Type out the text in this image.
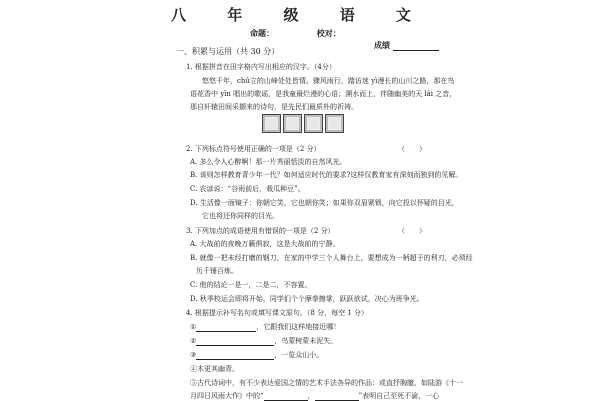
八 年 级 语 文
命题：	校对：
成绩
一、积累与运用（共 30 分）
1. 根据拼音在田字格内写出相应的汉字。（4分）
悠悠千年，chǔ立的山峰处处皆情。骤风雨行，踏访迷 yì漫长的山川之路，那在鸟
语花香中 yīn 唱出的歌谣，是我童最烂漫的心语；溯水而上，伴随幽美的天 lài 之音，
那自轩辕田间采撷来的诗句，是先民们最质朴的祈祷。
2. 下列标点符号使用正确的一项是（2 分）	（　　）
A. 多么令人心醉啊！那一片秀丽恬淡的自然风光。
B. 该则怎样教育青少年一代？如何适应时代的要求?这样仅教育家有深刻而独到的见解。
C. 农谚说：“谷雨前后，栽瓜种豆”。
D. 生活像一面镜子：你朝它笑，它也朝你笑；如果你双眉紧锁，向它投以怀疑的目光，
它也将还你同样的目光。
3. 下列加点的成语使用有错误的一项是（2 分）	（　　）
A. 大战前的夜晚万籁俱寂，这是大战前的宁静。
B. 就像一把未经打磨的钢刀，在家的中学三个人舞台上，要想成为一柄超于的利刃，必须经
历千锤百炼。
C. 他的结论一是一，二是二，不容置。
D. 秋季校运会即将开始，同学们个个摩拳擦掌，跃跃欲试，决心为班争光。
4. 根据提示补写名句或填写课文原句。（8 分，每空 1 分）
①	，它跟我们这样地接近哪！
②	，鸟蒙树蒙未泥失。
③	，一览众山小。
④木更其幽青。
⑤古代诗词中，有不少表达爱国之情的艺术手法各异的作品：或直抒胸臆，如陆游《十一
月四日风雨大作》中的“	，	”表明自己至死不渝，一心
